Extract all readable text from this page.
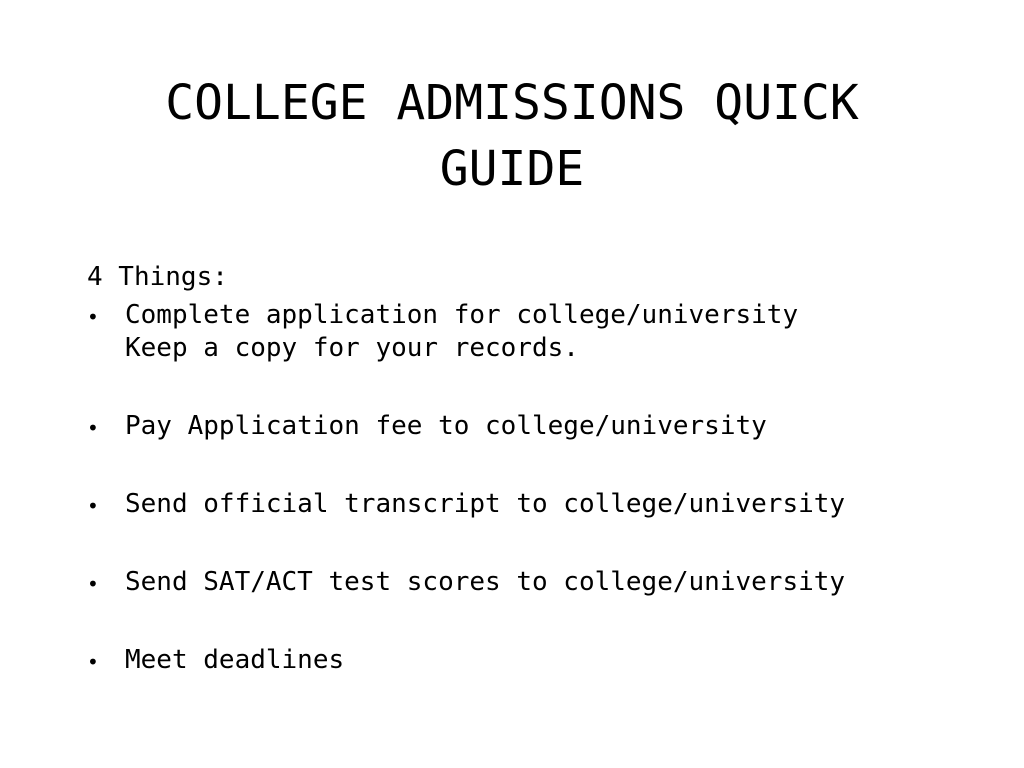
COLLEGE ADMISSIONS QUICK
GUIDE

4 Things:

• Complete application for college/university
Keep a copy for your records.
• Pay Application fee to college/university
• Send official transcript to college/university
• Send SAT/ACT test scores to college/university
• Meet deadlines
